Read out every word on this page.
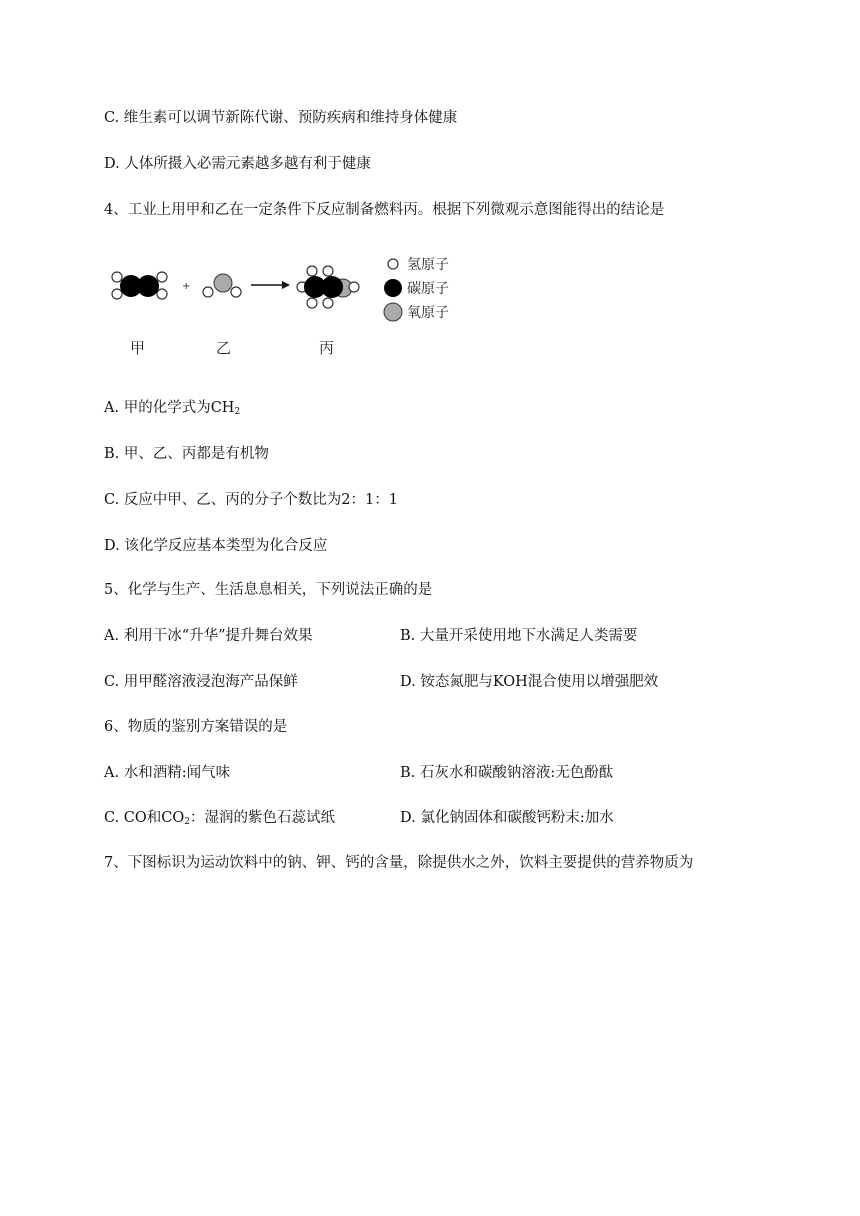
C. 维生素可以调节新陈代谢、预防疾病和维持身体健康
D. 人体所摄入必需元素越多越有利于健康
4、工业上用甲和乙在一定条件下反应制备燃料丙。根据下列微观示意图能得出的结论是
+
氢原子
碳原子
氧原子
甲	乙	丙
A. 甲的化学式为$CH_2$
B. 甲、乙、丙都是有机物
C. 反应中甲、乙、丙的分子个数比为2：1：1
D. 该化学反应基本类型为化合反应
5、化学与生产、生活息息相关，下列说法正确的是
A. 利用干冰“升华”提升舞台效果	B. 大量开采使用地下水满足人类需要
C. 用甲醛溶液浸泡海产品保鲜	D. 铵态氮肥与KOH混合使用以增强肥效
6、物质的鉴别方案错误的是
A. 水和酒精:闻气味	B. 石灰水和碳酸钠溶液:无色酚酞
C. CO和$CO_2$：湿润的紫色石蕊试纸	D. 氯化钠固体和碳酸钙粉末:加水
7、下图标识为运动饮料中的钠、钾、钙的含量，除提供水之外，饮料主要提供的营养物质为
